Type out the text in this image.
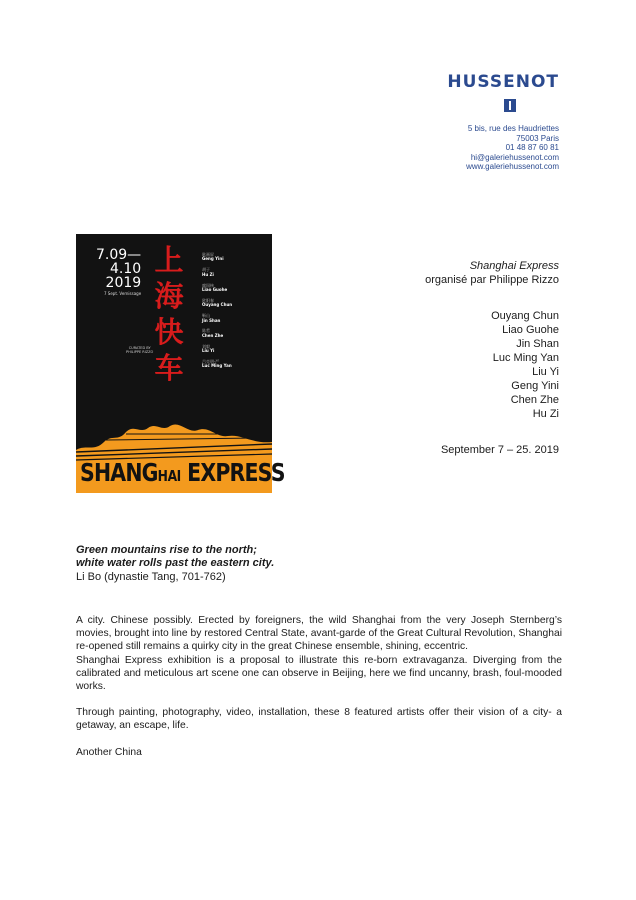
HUSSENOT
5 bis, rue des Haudriettes
75003 Paris
01 48 87 60 81
hi@galeriehussenot.com
www.galeriehussenot.com
7.09—
4.10
2019
7 Sept. Vernissage
上
海
快
车
耿画屏
Geng Yini
胡子
Hu Zi
廖国核
Liao Guohe
欧阳春
Ouyang Chun
靳山
Jin Shan
陈哲
Chen Zhe
刘毅
Liu Yi
吕克明·严
Luc Ming Yan
CURATED BY
PHILIPPE RIZZO
SHANGHAI EXPRESS
Shanghai Express
organisé par Philippe Rizzo
Ouyang Chun
Liao Guohe
Jin Shan
Luc Ming Yan
Liu Yi
Geng Yini
Chen Zhe
Hu Zi
September 7 – 25. 2019
Green mountains rise to the north;
white water rolls past the eastern city.
Li Bo (dynastie Tang, 701-762)

A city. Chinese possibly. Erected by foreigners, the wild Shanghai from the very Joseph Sternberg’s movies, brought into line by restored Central State, avant-garde of the Great Cultural Revolution, Shanghai re-opened still remains a quirky city in the great Chinese ensemble, shining, eccentric.

Shanghai Express exhibition is a proposal to illustrate this re-born extravaganza. Diverging from the calibrated and meticulous art scene one can observe in Beijing, here we find uncanny, brash, foul-mooded works.

Through painting, photography, video, installation, these 8 featured artists offer their vision of a city- a getaway, an escape, life.

Another China
